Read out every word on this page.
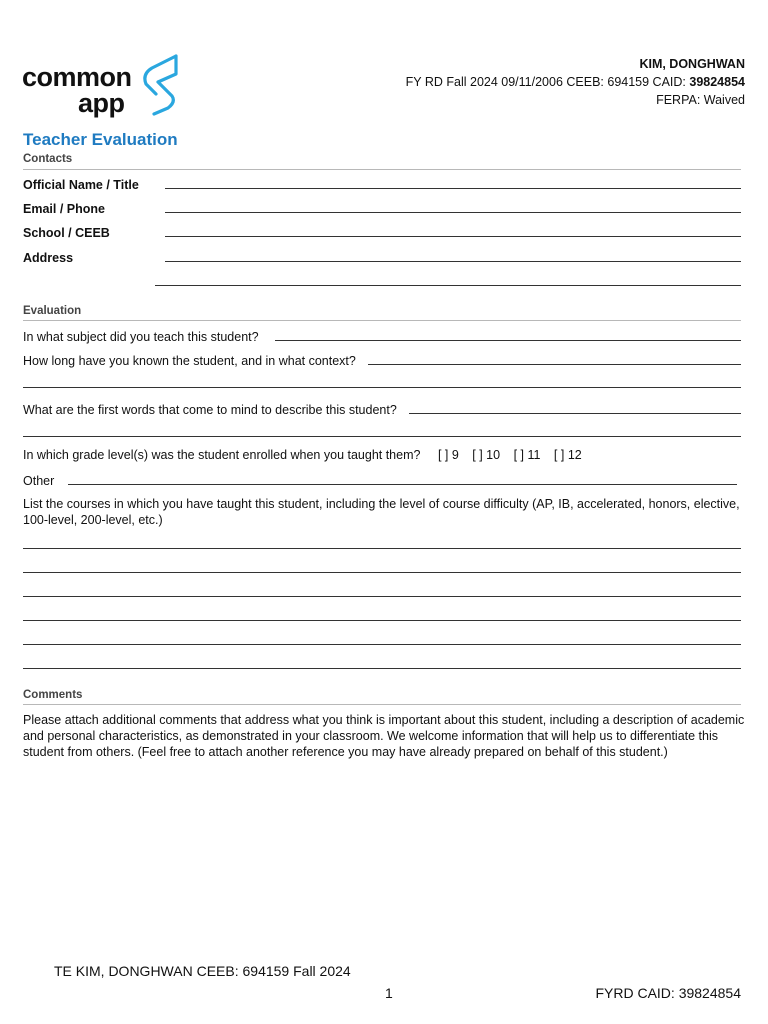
common
app
KIM, DONGHWAN
FY RD Fall 2024 09/11/2006 CEEB: 694159 CAID: 39824854
FERPA: Waived
Teacher Evaluation
Contacts
Official Name / Title
Email / Phone
School / CEEB
Address
Evaluation
In what subject did you teach this student?
How long have you known the student, and in what context?
What are the first words that come to mind to describe this student?
In which grade level(s) was the student enrolled when you taught them? [ ] 9 [ ] 10 [ ] 11 [ ] 12
Other
List the courses in which you have taught this student, including the level of course difficulty (AP, IB, accelerated, honors, elective, 100-level, 200-level, etc.)
Comments
Please attach additional comments that address what you think is important about this student, including a description of academic and personal characteristics, as demonstrated in your classroom. We welcome information that will help us to differentiate this student from others. (Feel free to attach another reference you may have already prepared on behalf of this student.)
TE KIM, DONGHWAN CEEB: 694159 Fall 2024
1	FYRD CAID: 39824854
